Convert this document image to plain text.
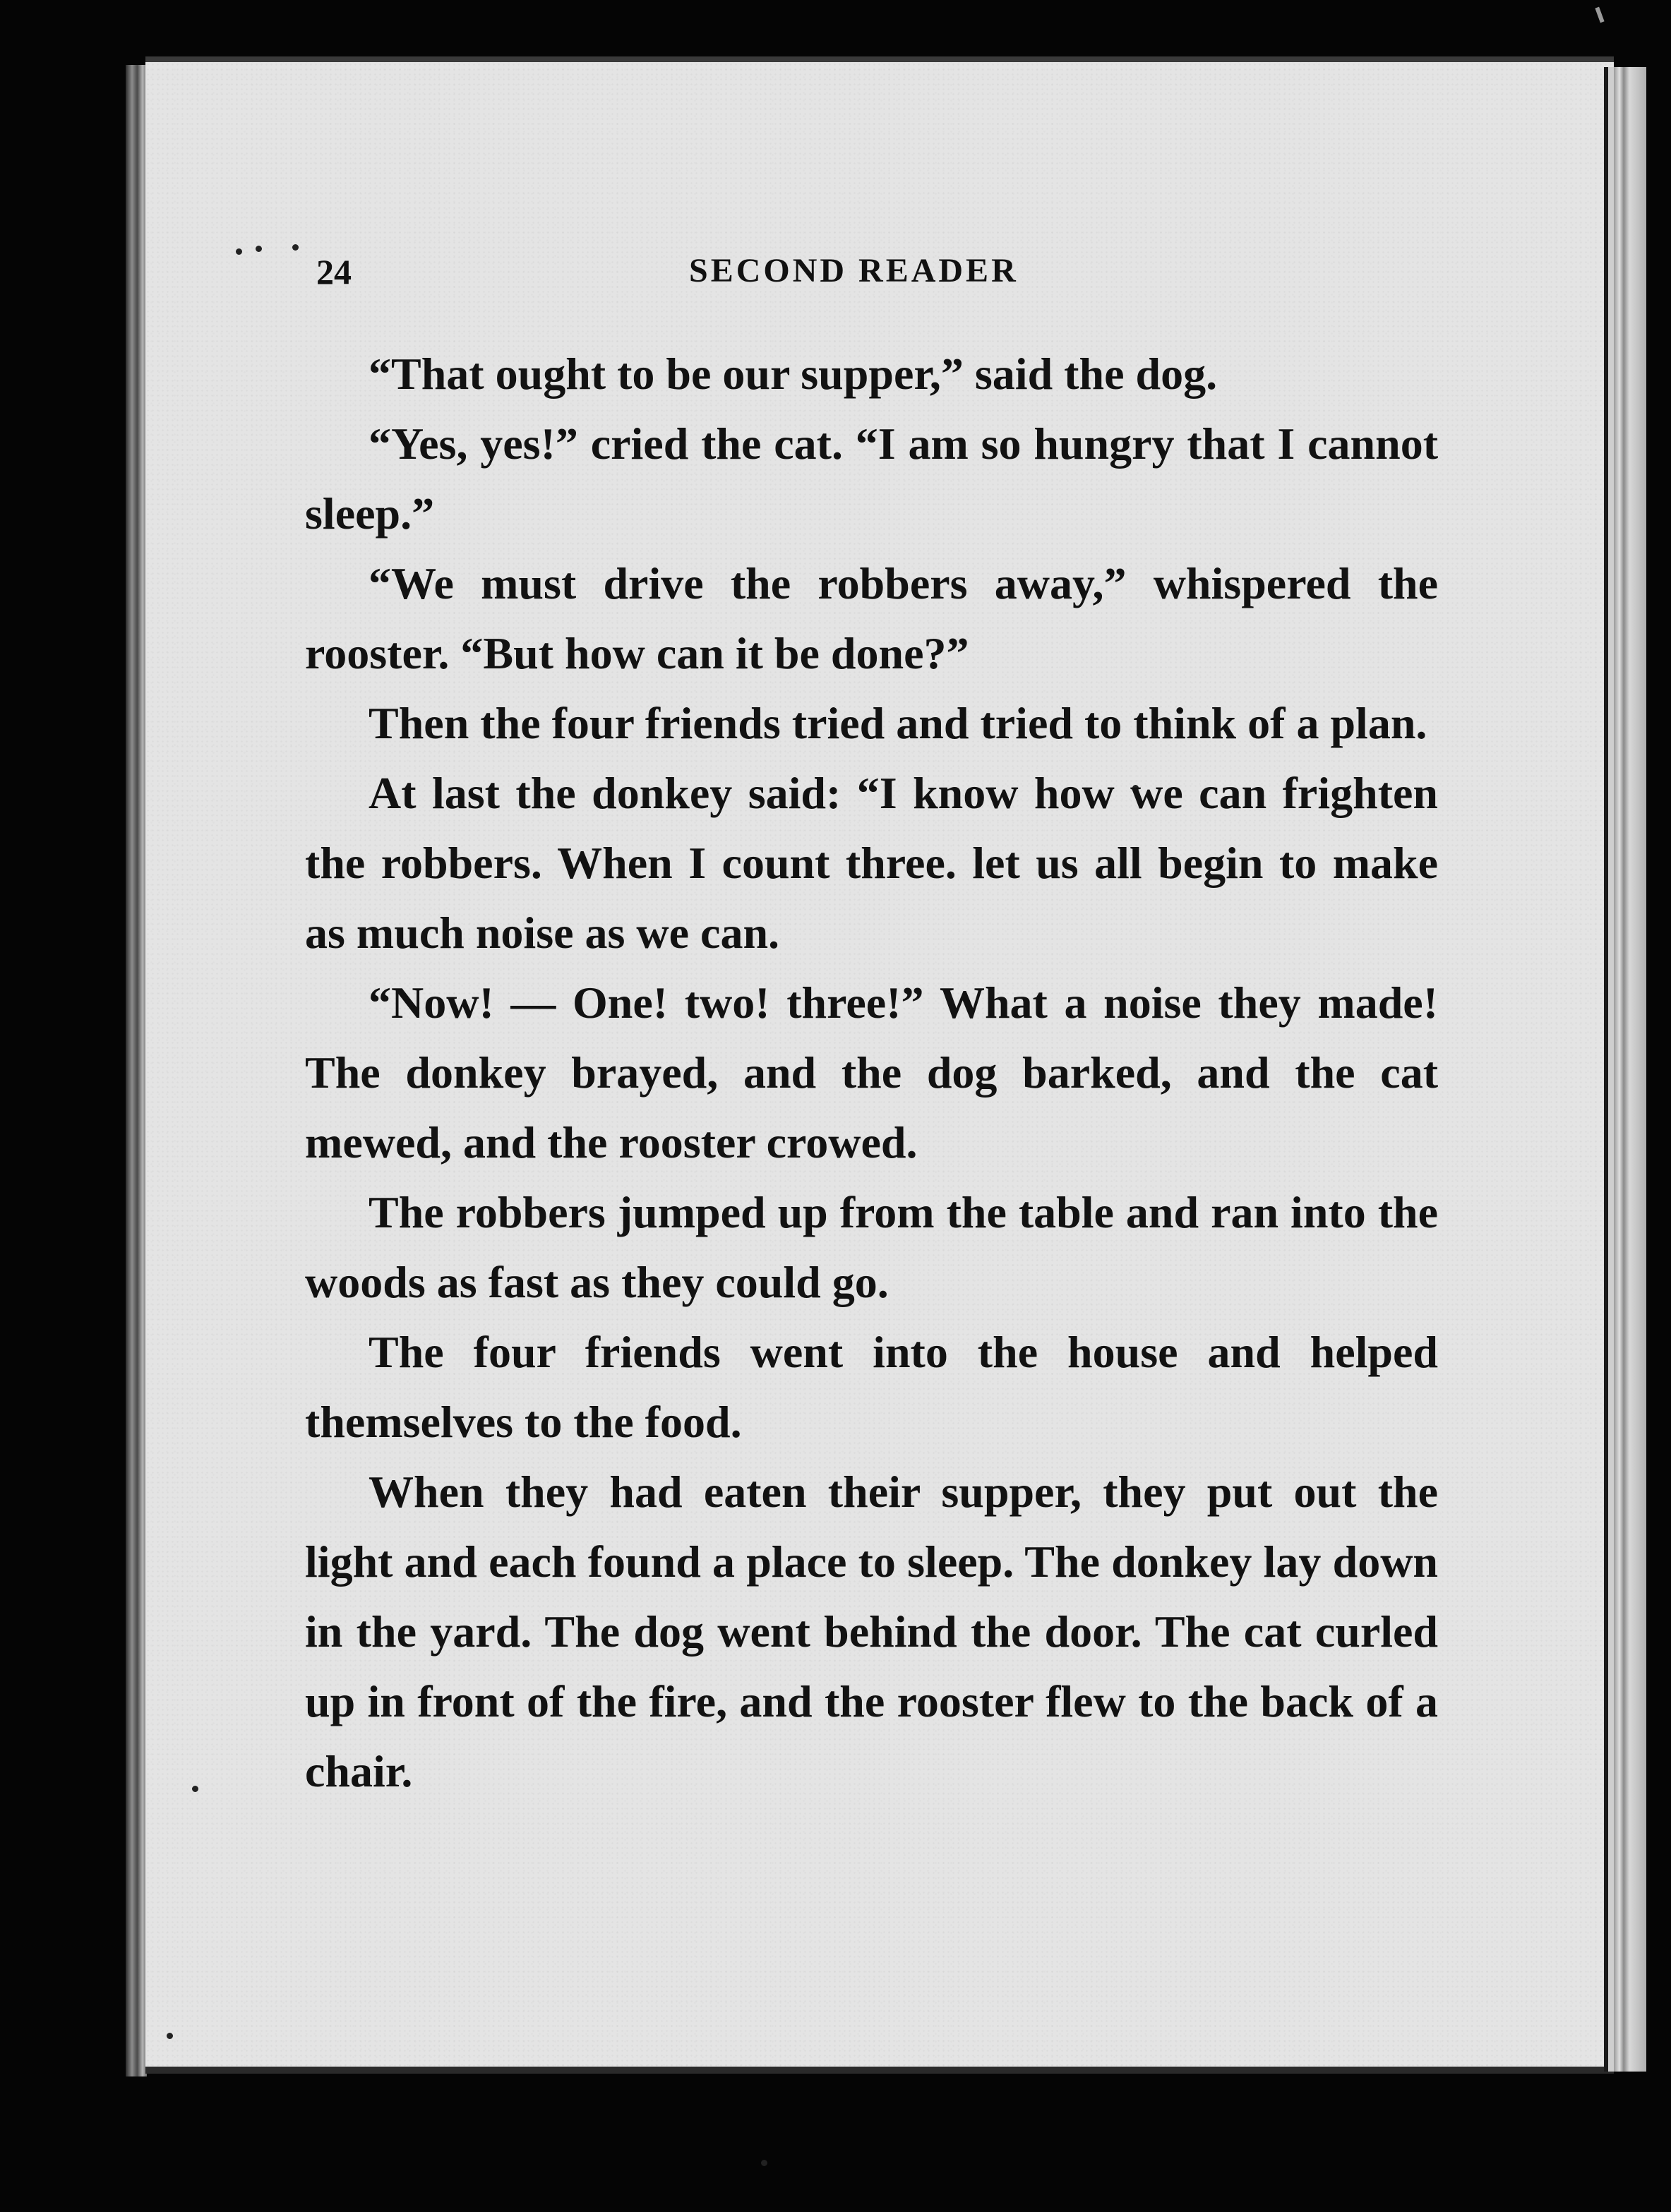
24	SECOND READER

“That ought to be our supper,” said the dog.

“Yes, yes!” cried the cat. “I am so hungry that I cannot sleep.”

“We must drive the robbers away,” whispered the rooster. “But how can it be done?”

Then the four friends tried and tried to think of a plan.

At last the donkey said: “I know how we can frighten the robbers. When I count three. let us all begin to make as much noise as we can.

“Now! — One! two! three!” What a noise they made! The donkey brayed, and the dog barked, and the cat mewed, and the rooster crowed.

The robbers jumped up from the table and ran into the woods as fast as they could go.

The four friends went into the house and helped themselves to the food.

When they had eaten their supper, they put out the light and each found a place to sleep. The donkey lay down in the yard. The dog went behind the door. The cat curled up in front of the fire, and the rooster flew to the back of a chair.
